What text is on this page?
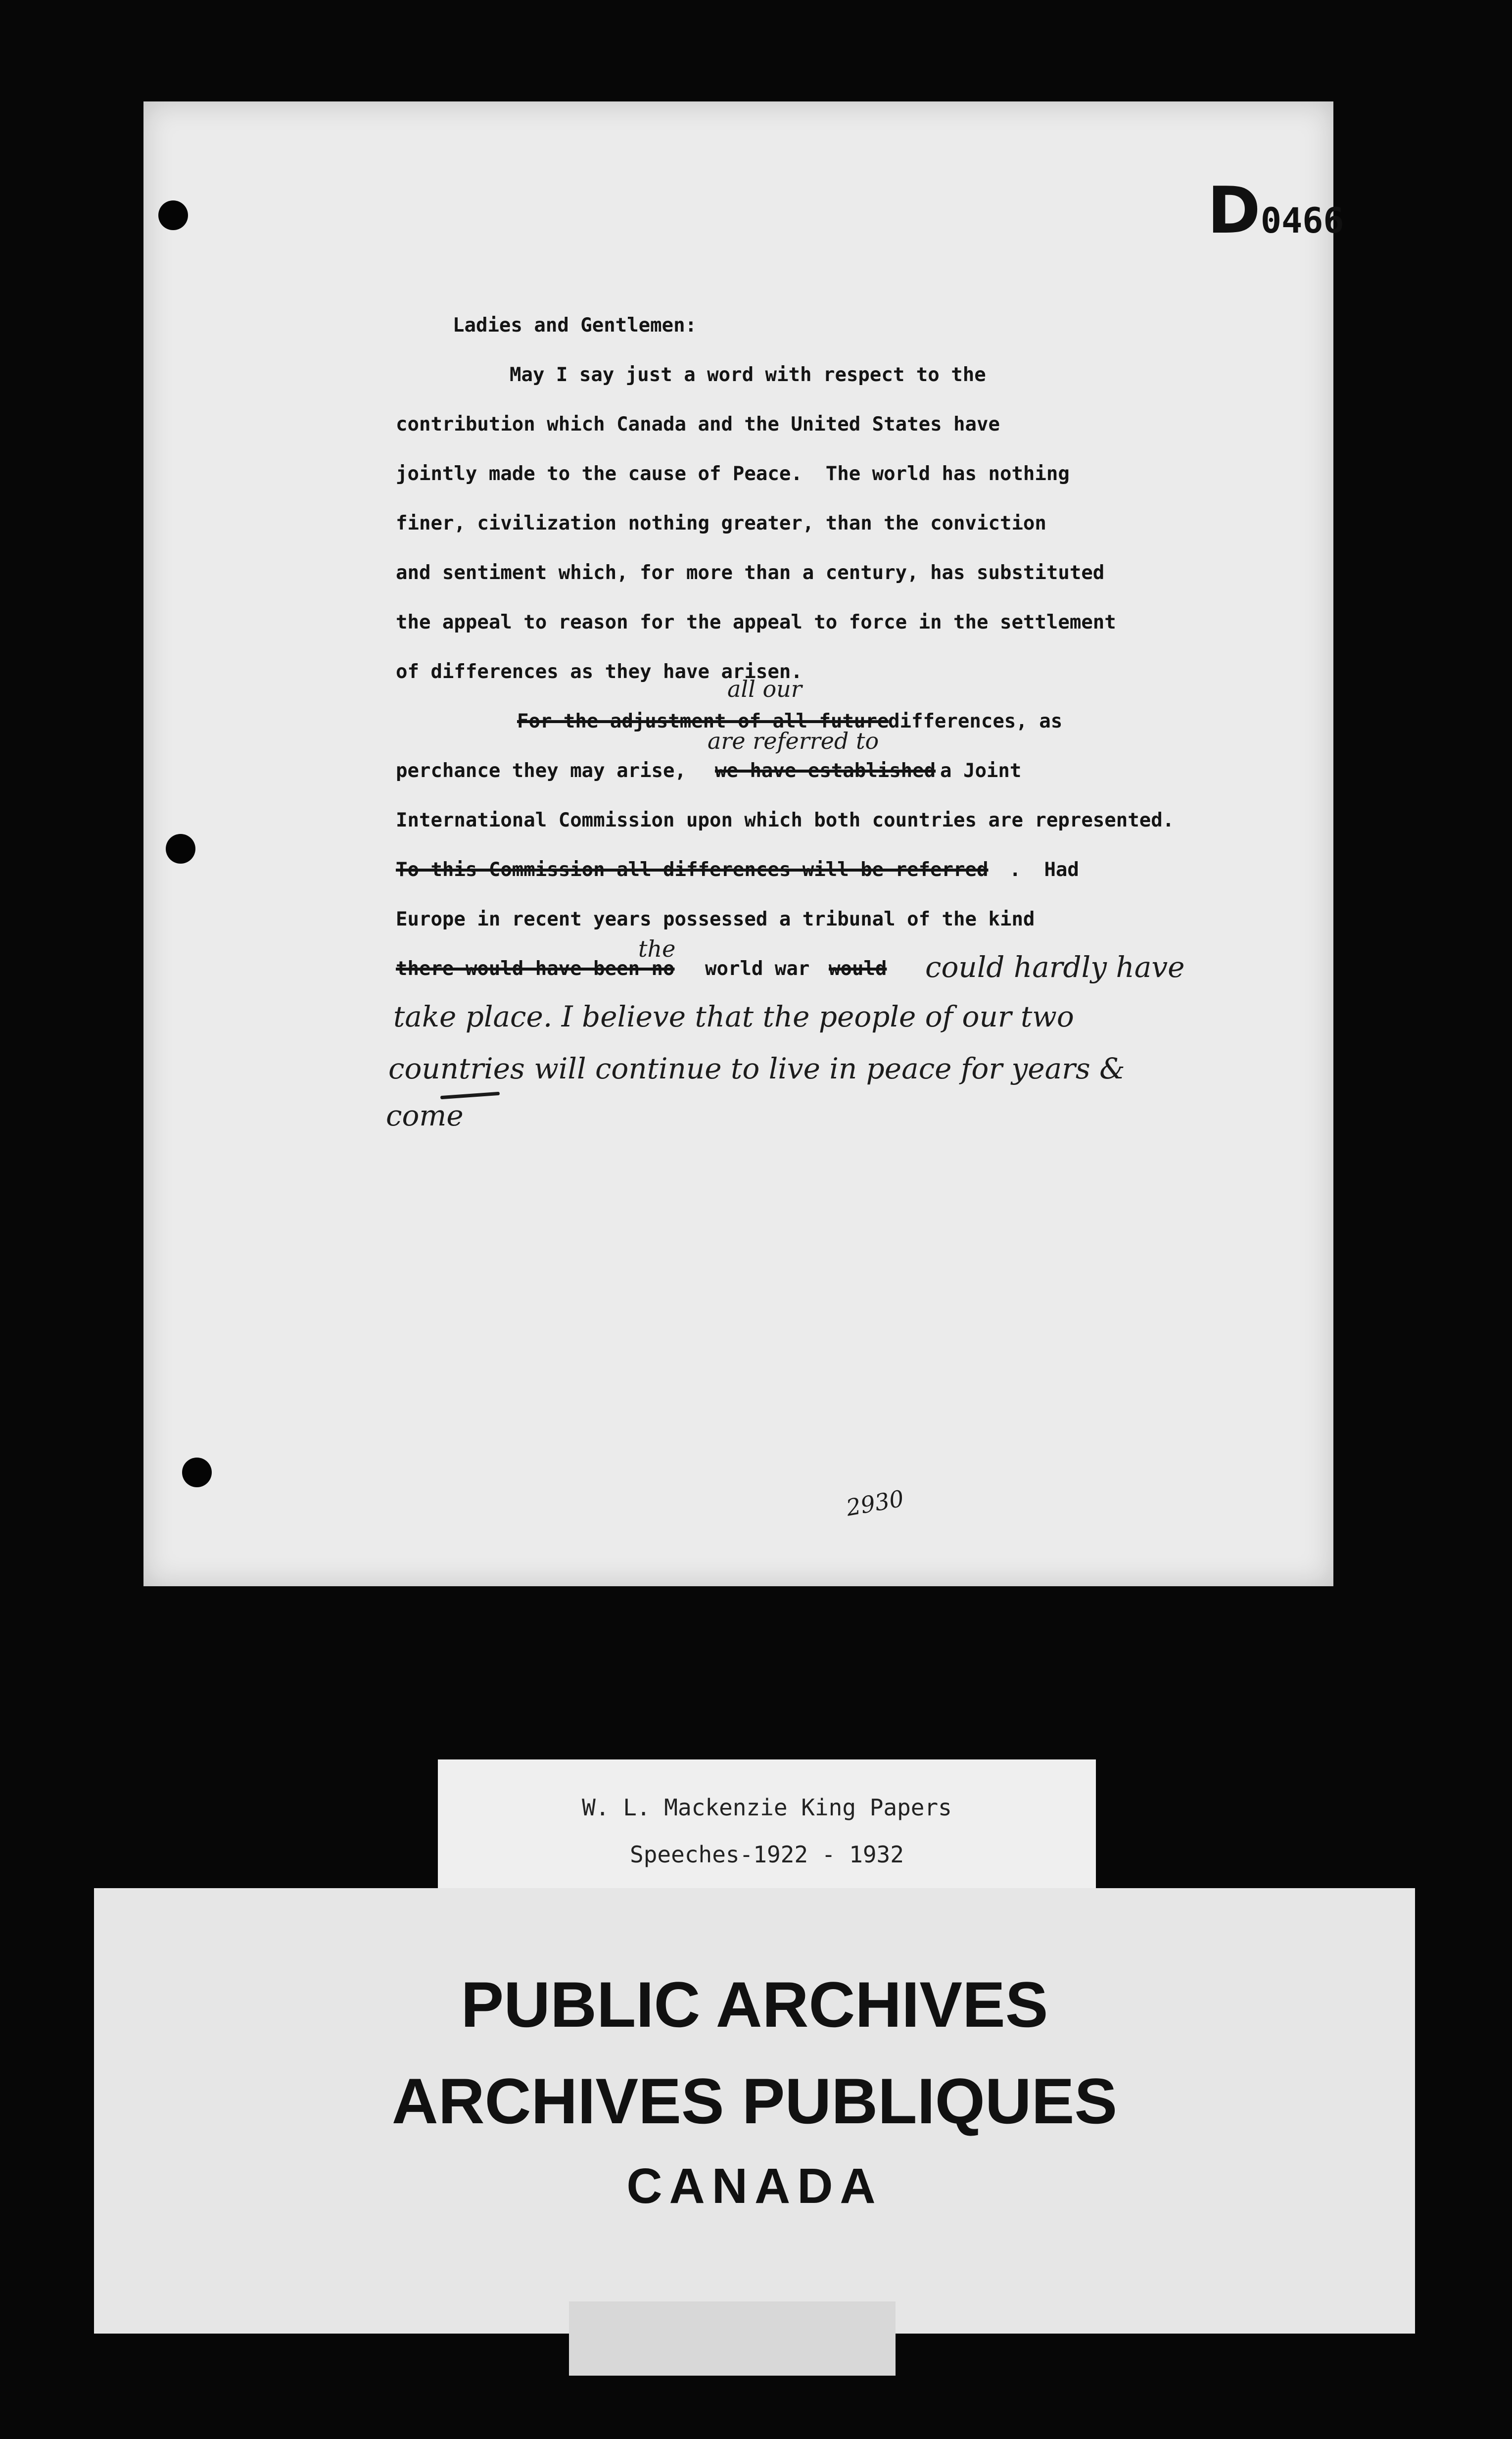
D0466
Ladies and Gentlemen:
May I say just a word with respect to the
contribution which Canada and the United States have
jointly made to the cause of Peace.  The world has nothing
finer, civilization nothing greater, than the conviction
and sentiment which, for more than a century, has substituted
the appeal to reason for the appeal to force in the settlement
of differences as they have arisen.
all our
For the adjustment of all future
differences, as
are referred to
perchance they may arise, we have established a Joint
International Commission upon which both countries are represented.
To this Commission all differences will be referred .  Had
Europe in recent years possessed a tribunal of the kind
the
there would have been no world war would could hardly have
take place. I believe that the people of our two
countries will continue to live in peace for years &
come
2930
W. L. Mackenzie King Papers
Speeches-1922 - 1932
PUBLIC ARCHIVES
ARCHIVES PUBLIQUES
CANADA
